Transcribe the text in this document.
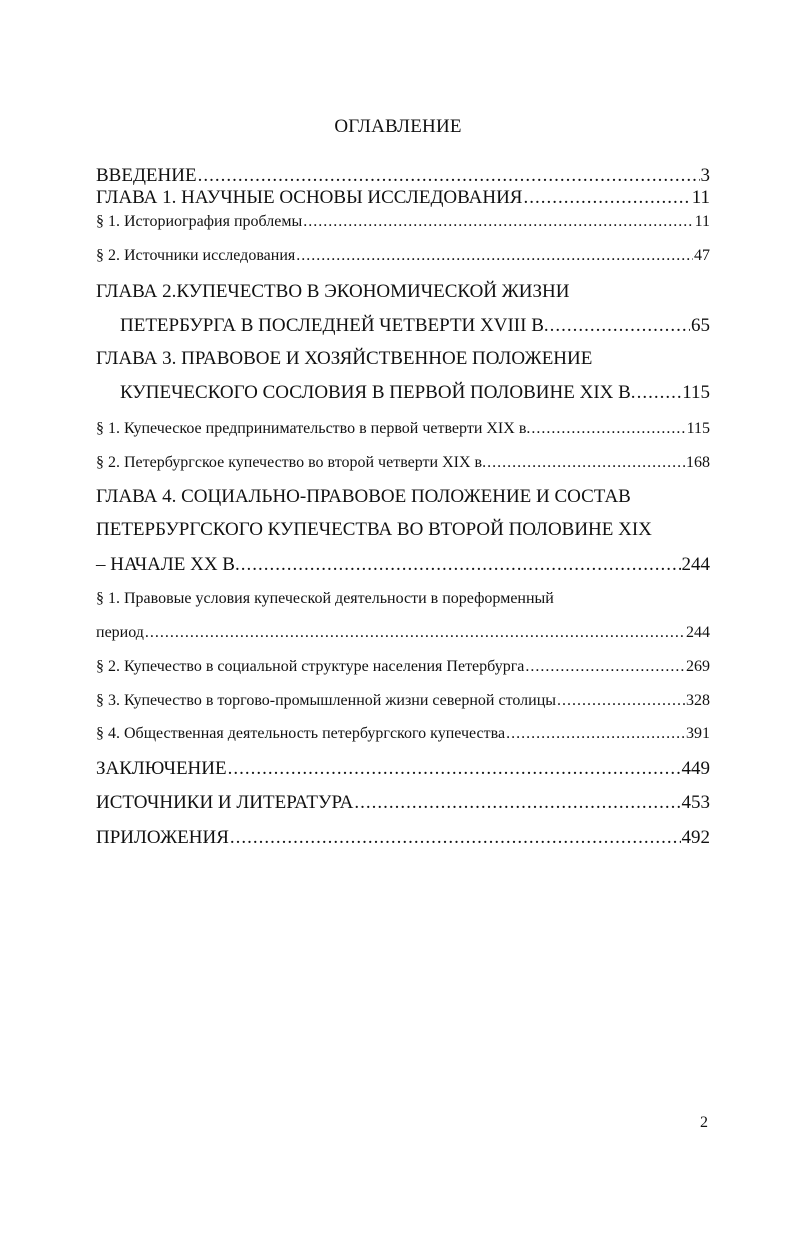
ОГЛАВЛЕНИЕ
ВВЕДЕНИЕ .....	3
ГЛАВА 1. НАУЧНЫЕ ОСНОВЫ ИССЛЕДОВАНИЯ .....	11
§ 1. Историография проблемы .....	11
§ 2. Источники исследования .....	47
ГЛАВА 2.КУПЕЧЕСТВО В ЭКОНОМИЧЕСКОЙ ЖИЗНИ
ПЕТЕРБУРГА В ПОСЛЕДНЕЙ ЧЕТВЕРТИ XVIII В. .....	65
ГЛАВА 3. ПРАВОВОЕ И ХОЗЯЙСТВЕННОЕ ПОЛОЖЕНИЕ
КУПЕЧЕСКОГО СОСЛОВИЯ В ПЕРВОЙ ПОЛОВИНЕ XIX В. ..... 115
§ 1. Купеческое предпринимательство в первой четверти XIX в. .....	115
§ 2. Петербургское купечество во второй четверти XIX в. .....	168
ГЛАВА 4. СОЦИАЛЬНО-ПРАВОВОЕ ПОЛОЖЕНИЕ И СОСТАВ
ПЕТЕРБУРГСКОГО КУПЕЧЕСТВА ВО ВТОРОЙ ПОЛОВИНЕ XIX
– НАЧАЛЕ XX В. .....	244
§ 1. Правовые условия купеческой деятельности в пореформенный
период .....	244
§ 2. Купечество в социальной структуре населения Петербурга .....	269
§ 3. Купечество в торгово-промышленной жизни северной столицы .....	328
§ 4. Общественная деятельность петербургского купечества .....	391
ЗАКЛЮЧЕНИЕ .....	449
ИСТОЧНИКИ И ЛИТЕРАТУРА .....	453
ПРИЛОЖЕНИЯ .....	492
2
